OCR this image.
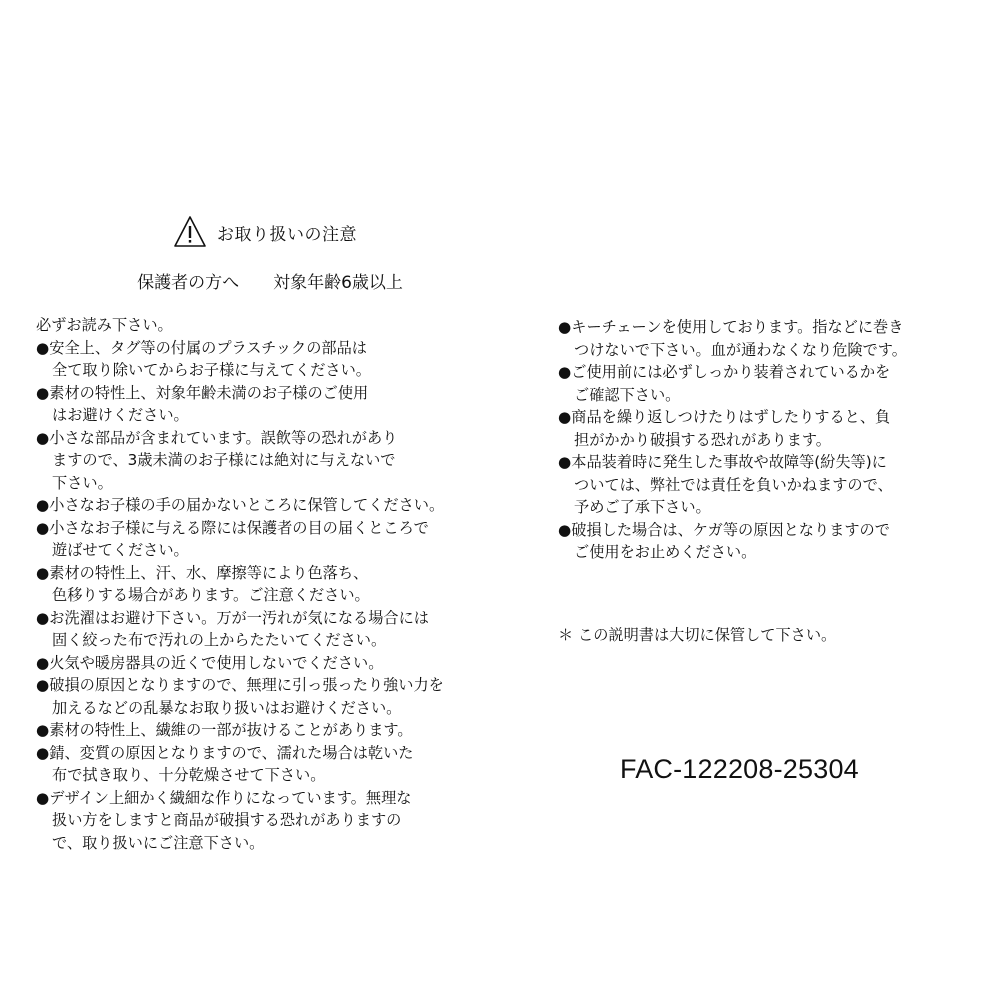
お取り扱いの注意
保護者の方へ　　対象年齢6歳以上
必ずお読み下さい。
●安全上、タグ等の付属のプラスチックの部品は
全て取り除いてからお子様に与えてください。
●素材の特性上、対象年齢未満のお子様のご使用
はお避けください。
●小さな部品が含まれています。誤飲等の恐れがあり
ますので、3歳未満のお子様には絶対に与えないで
下さい。
●小さなお子様の手の届かないところに保管してください。
●小さなお子様に与える際には保護者の目の届くところで
遊ばせてください。
●素材の特性上、汗、水、摩擦等により色落ち、
色移りする場合があります。ご注意ください。
●お洗濯はお避け下さい。万が一汚れが気になる場合には
固く絞った布で汚れの上からたたいてください。
●火気や暖房器具の近くで使用しないでください。
●破損の原因となりますので、無理に引っ張ったり強い力を
加えるなどの乱暴なお取り扱いはお避けください。
●素材の特性上、繊維の一部が抜けることがあります。
●錆、変質の原因となりますので、濡れた場合は乾いた
布で拭き取り、十分乾燥させて下さい。
●デザイン上細かく繊細な作りになっています。無理な
扱い方をしますと商品が破損する恐れがありますの
で、取り扱いにご注意下さい。
●キーチェーンを使用しております。指などに巻き
つけないで下さい。血が通わなくなり危険です。
●ご使用前には必ずしっかり装着されているかを
ご確認下さい。
●商品を繰り返しつけたりはずしたりすると、負
担がかかり破損する恐れがあります。
●本品装着時に発生した事故や故障等(紛失等)に
ついては、弊社では責任を負いかねますので、
予めご了承下さい。
●破損した場合は、ケガ等の原因となりますので
ご使用をお止めください。
＊ この説明書は大切に保管して下さい。
FAC-122208-25304
